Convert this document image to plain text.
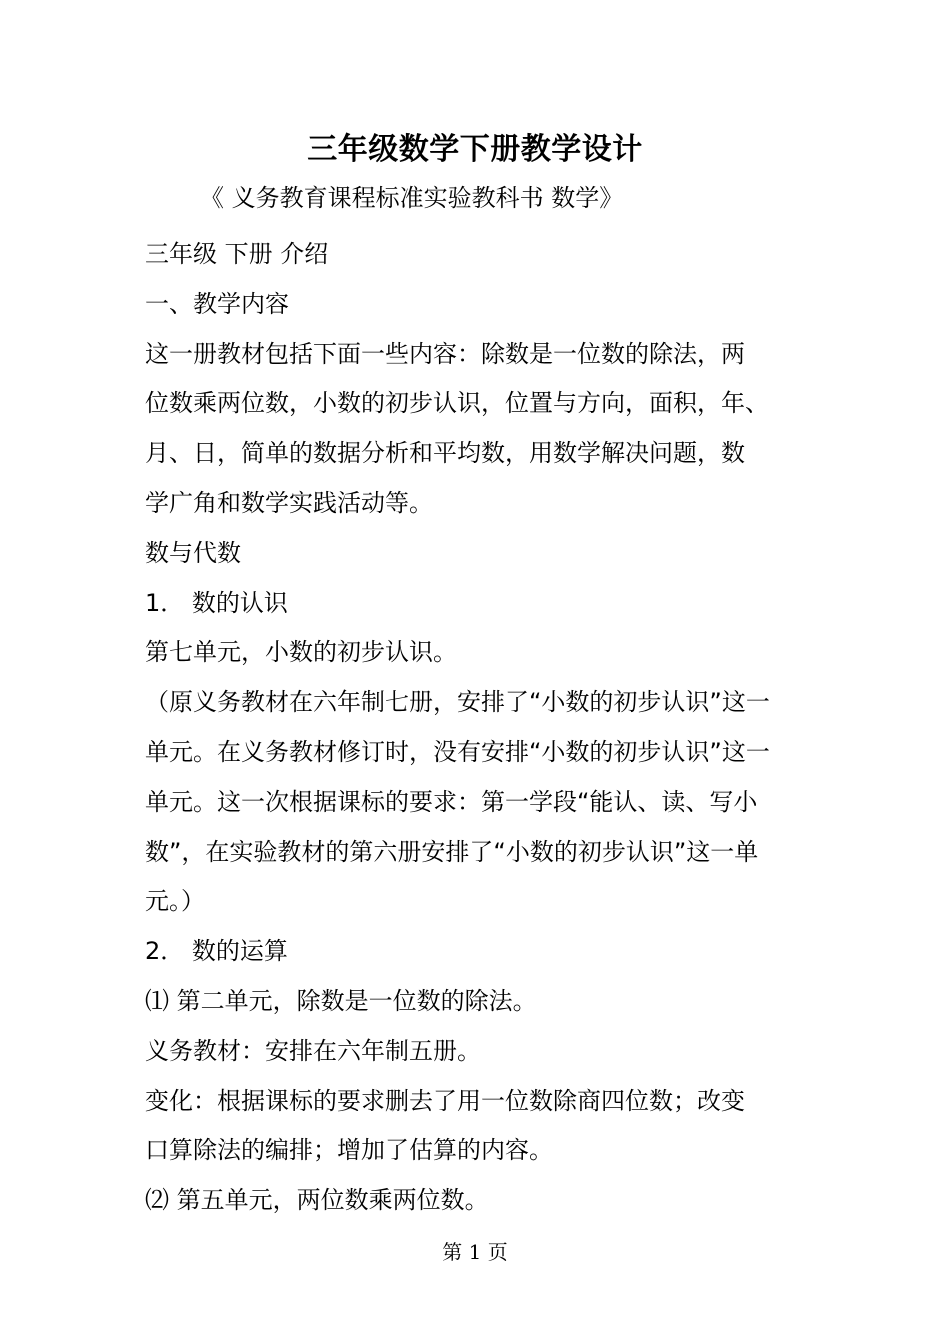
三年级数学下册教学设计
《 义务教育课程标准实验教科书 数学》
三年级 下册 介绍
一、教学内容
这一册教材包括下面一些内容：除数是一位数的除法，两
位数乘两位数，小数的初步认识，位置与方向，面积，年、
月、日，简单的数据分析和平均数，用数学解决问题，数
学广角和数学实践活动等。
数与代数
1． 数的认识
第七单元，小数的初步认识。
（原义务教材在六年制七册，安排了“小数的初步认识”这一
单元。在义务教材修订时，没有安排“小数的初步认识”这一
单元。这一次根据课标的要求：第一学段“能认、读、写小
数”，在实验教材的第六册安排了“小数的初步认识”这一单
元。）
2． 数的运算
⑴ 第二单元，除数是一位数的除法。
义务教材：安排在六年制五册。
变化：根据课标的要求删去了用一位数除商四位数；改变
口算除法的编排；增加了估算的内容。
⑵ 第五单元，两位数乘两位数。
第 1 页
